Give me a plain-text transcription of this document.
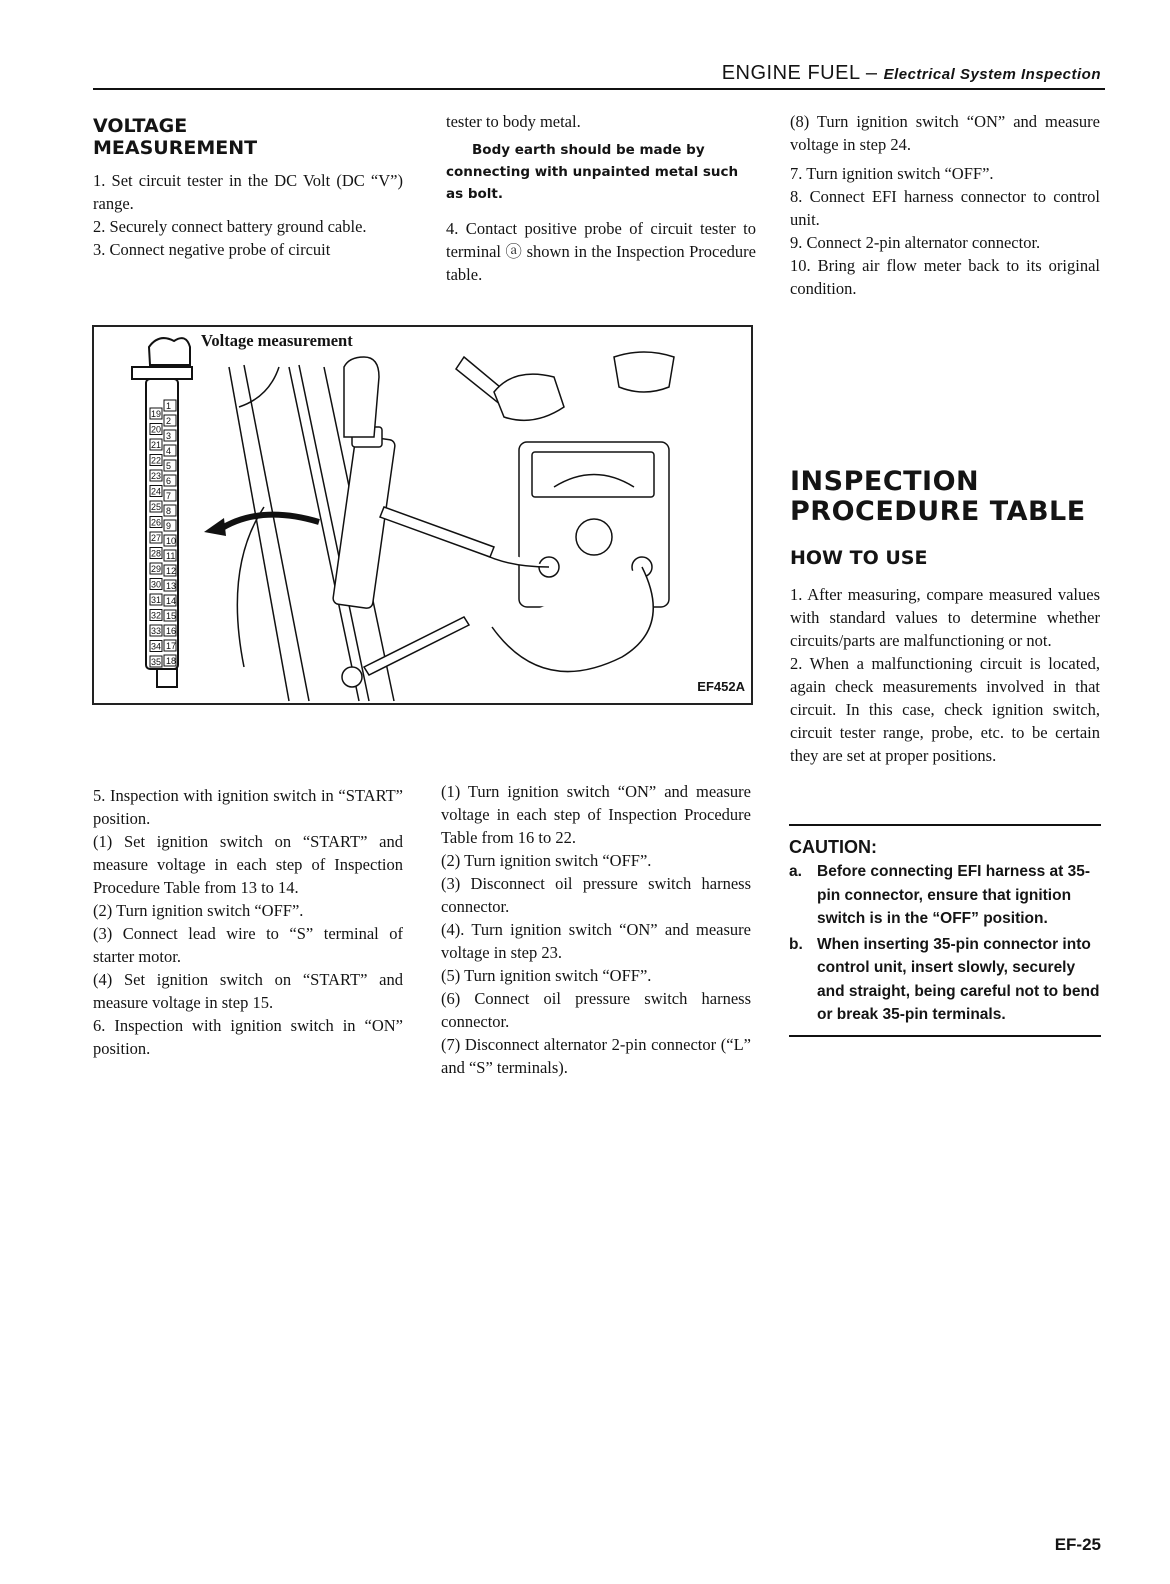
ENGINE FUEL – Electrical System Inspection
VOLTAGE MEASUREMENT

1. Set circuit tester in the DC Volt (DC “V”) range.

2. Securely connect battery ground cable.

3. Connect negative probe of circuit

tester to body metal.

Body earth should be made by connecting with unpainted metal such as bolt.

4. Contact positive probe of circuit tester to terminal ⓐ shown in the Inspection Procedure table.

(8) Turn ignition switch “ON” and measure voltage in step 24.

7. Turn ignition switch “OFF”.

8. Connect EFI harness connector to control unit.

9. Connect 2-pin alternator connector.

10. Bring air flow meter back to its original condition.

Voltage measurement
19
20
21
22
23
24
25
26
27
28
29
30
31
32
33
34
35
1
2
3
4
5
6
7
8
9
10
11
12
13
14
15
16
17
18
EF452A

5. Inspection with ignition switch in “START” position.

(1) Set ignition switch on “START” and measure voltage in each step of Inspection Procedure Table from 13 to 14.

(2) Turn ignition switch “OFF”.

(3) Connect lead wire to “S” terminal of starter motor.

(4) Set ignition switch on “START” and measure voltage in step 15.

6. Inspection with ignition switch in “ON” position.

(1) Turn ignition switch “ON” and measure voltage in each step of Inspection Procedure Table from 16 to 22.

(2) Turn ignition switch “OFF”.

(3) Disconnect oil pressure switch harness connector.

(4). Turn ignition switch “ON” and measure voltage in step 23.

(5) Turn ignition switch “OFF”.

(6) Connect oil pressure switch harness connector.

(7) Disconnect alternator 2-pin connector (“L” and “S” terminals).

INSPECTION PROCEDURE TABLE
HOW TO USE

1. After measuring, compare measured values with standard values to determine whether circuits/parts are malfunctioning or not.

2. When a malfunctioning circuit is located, again check measurements involved in that circuit. In this case, check ignition switch, circuit tester range, probe, etc. to be certain they are set at proper positions.

CAUTION:
a. Before connecting EFI harness at 35-pin connector, ensure that ignition switch is in the “OFF” position.
b. When inserting 35-pin connector into control unit, insert slowly, securely and straight, being careful not to bend or break 35-pin terminals.
EF-25
